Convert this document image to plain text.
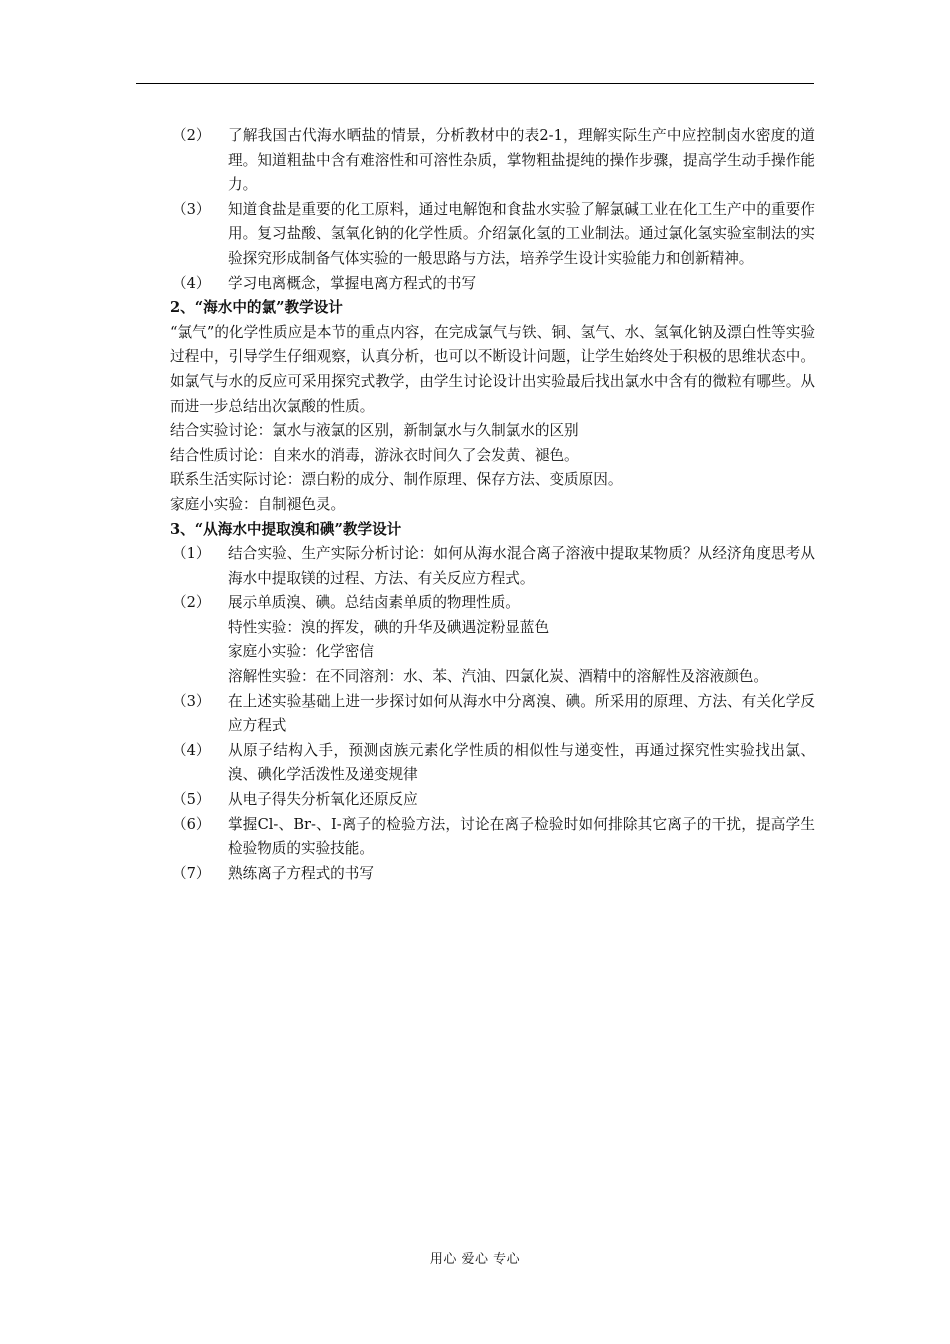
（2）	了解我国古代海水晒盐的情景，分析教材中的表2-1，理解实际生产中应控制卤水密度的道理。知道粗盐中含有难溶性和可溶性杂质，掌物粗盐提纯的操作步骤，提高学生动手操作能力。
（3）	知道食盐是重要的化工原料，通过电解饱和食盐水实验了解氯碱工业在化工生产中的重要作用。复习盐酸、氢氧化钠的化学性质。介绍氯化氢的工业制法。通过氯化氢实验室制法的实验探究形成制备气体实验的一般思路与方法，培养学生设计实验能力和创新精神。
（4）	学习电离概念，掌握电离方程式的书写
2、“海水中的氯”教学设计
“氯气”的化学性质应是本节的重点内容，在完成氯气与铁、铜、氢气、水、氢氧化钠及漂白性等实验过程中，引导学生仔细观察，认真分析，也可以不断设计问题，让学生始终处于积极的思维状态中。如氯气与水的反应可采用探究式教学，由学生讨论设计出实验最后找出氯水中含有的微粒有哪些。从而进一步总结出次氯酸的性质。
结合实验讨论：氯水与液氯的区别，新制氯水与久制氯水的区别
结合性质讨论：自来水的消毒，游泳衣时间久了会发黄、褪色。
联系生活实际讨论：漂白粉的成分、制作原理、保存方法、变质原因。
家庭小实验：自制褪色灵。
3、“从海水中提取溴和碘”教学设计
（1）	结合实验、生产实际分析讨论：如何从海水混合离子溶液中提取某物质？从经济角度思考从海水中提取镁的过程、方法、有关反应方程式。
（2）	展示单质溴、碘。总结卤素单质的物理性质。
特性实验：溴的挥发，碘的升华及碘遇淀粉显蓝色
家庭小实验：化学密信
溶解性实验：在不同溶剂：水、苯、汽油、四氯化炭、酒精中的溶解性及溶液颜色。
（3）	在上述实验基础上进一步探讨如何从海水中分离溴、碘。所采用的原理、方法、有关化学反应方程式
（4）	从原子结构入手，预测卤族元素化学性质的相似性与递变性，再通过探究性实验找出氯、溴、碘化学活泼性及递变规律
（5）	从电子得失分析氧化还原反应
（6）	掌握Cl-、Br-、I-离子的检验方法，讨论在离子检验时如何排除其它离子的干扰，提高学生检验物质的实验技能。
（7）	熟练离子方程式的书写
用心 爱心 专心
